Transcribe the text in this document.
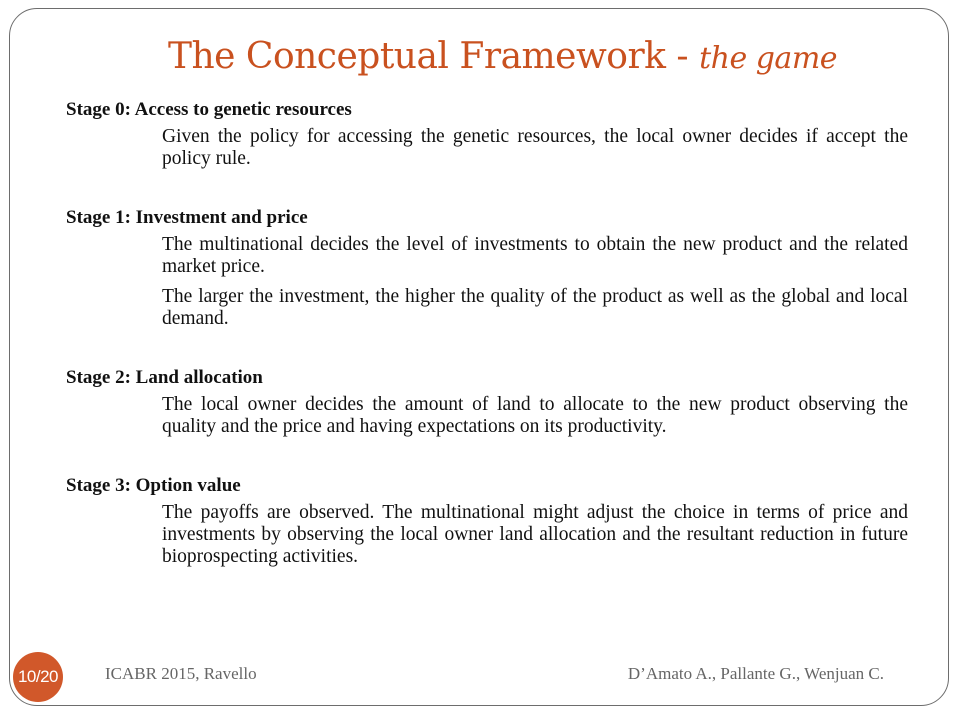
The Conceptual Framework - the game

Stage 0: Access to genetic resources

Given the policy for accessing the genetic resources, the local owner decides if accept the policy rule.

Stage 1: Investment and price

The multinational decides the level of investments to obtain the new product and the related market price.

The larger the investment, the higher the quality of the product as well as the global and local demand.

Stage 2: Land allocation

The local owner decides the amount of land to allocate to the new product observing the quality and the price and having expectations on its productivity.

Stage 3: Option value

The payoffs are observed. The multinational might adjust the choice in terms of price and investments by observing the local owner land allocation and the resultant reduction in future bioprospecting activities.

10/20	ICABR 2015, Ravello	D’Amato A., Pallante G., Wenjuan C.
